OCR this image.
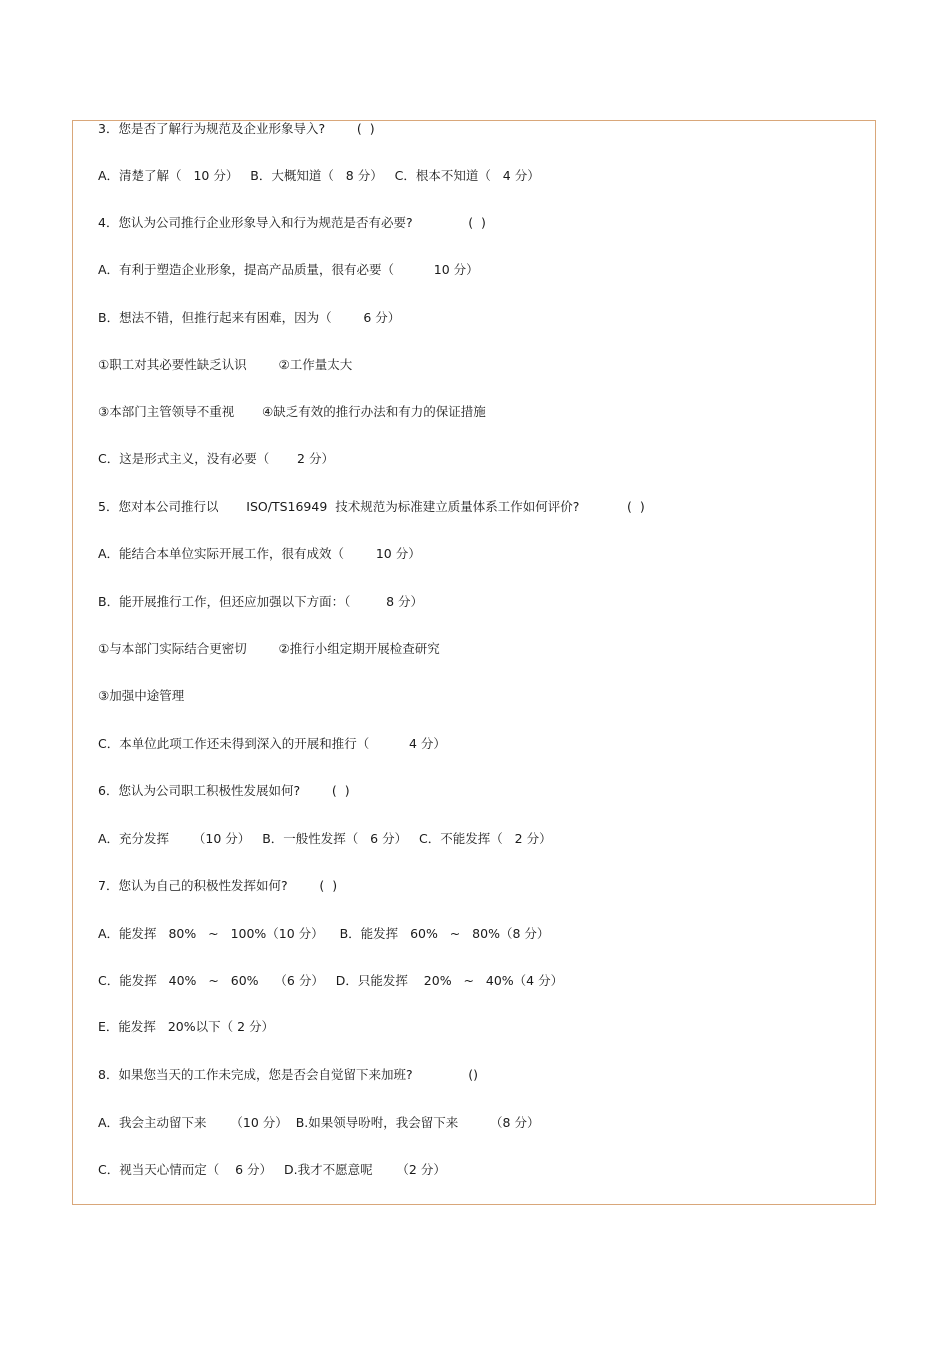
3．您是否了解行为规范及企业形象导入?        (  )
A．清楚了解（   10 分）   B．大概知道（   8 分）   C．根本不知道（   4 分）
4．您认为公司推行企业形象导入和行为规范是否有必要?              (  )
A．有利于塑造企业形象，提高产品质量，很有必要（          10 分）
B．想法不错，但推行起来有困难，因为（        6 分）
①职工对其必要性缺乏认识        ②工作量太大
③本部门主管领导不重视       ④缺乏有效的推行办法和有力的保证措施
C．这是形式主义，没有必要（       2 分）
5．您对本公司推行以       ISO/TS16949  技术规范为标准建立质量体系工作如何评价?            (  )
A．能结合本单位实际开展工作，很有成效（        10 分）
B．能开展推行工作，但还应加强以下方面：（         8 分）
①与本部门实际结合更密切        ②推行小组定期开展检查研究
③加强中途管理
C．本单位此项工作还未得到深入的开展和推行（          4 分）
6．您认为公司职工积极性发展如何?        (  )
A．充分发挥      （10 分）   B．一般性发挥（   6 分）   C．不能发挥（   2 分）
7．您认为自己的积极性发挥如何?        (  )
A．能发挥   80%   ~   100%（10 分）    B．能发挥   60%   ~   80%（8 分）
C．能发挥   40%   ~   60%    （6 分）   D．只能发挥    20%   ~   40%（4 分）
E．能发挥   20%以下（ 2 分）
8．如果您当天的工作未完成，您是否会自觉留下来加班?              ()
A．我会主动留下来      （10 分）  B.如果领导吩咐，我会留下来        （8 分）
C．视当天心情而定（    6 分）   D.我才不愿意呢      （2 分）
